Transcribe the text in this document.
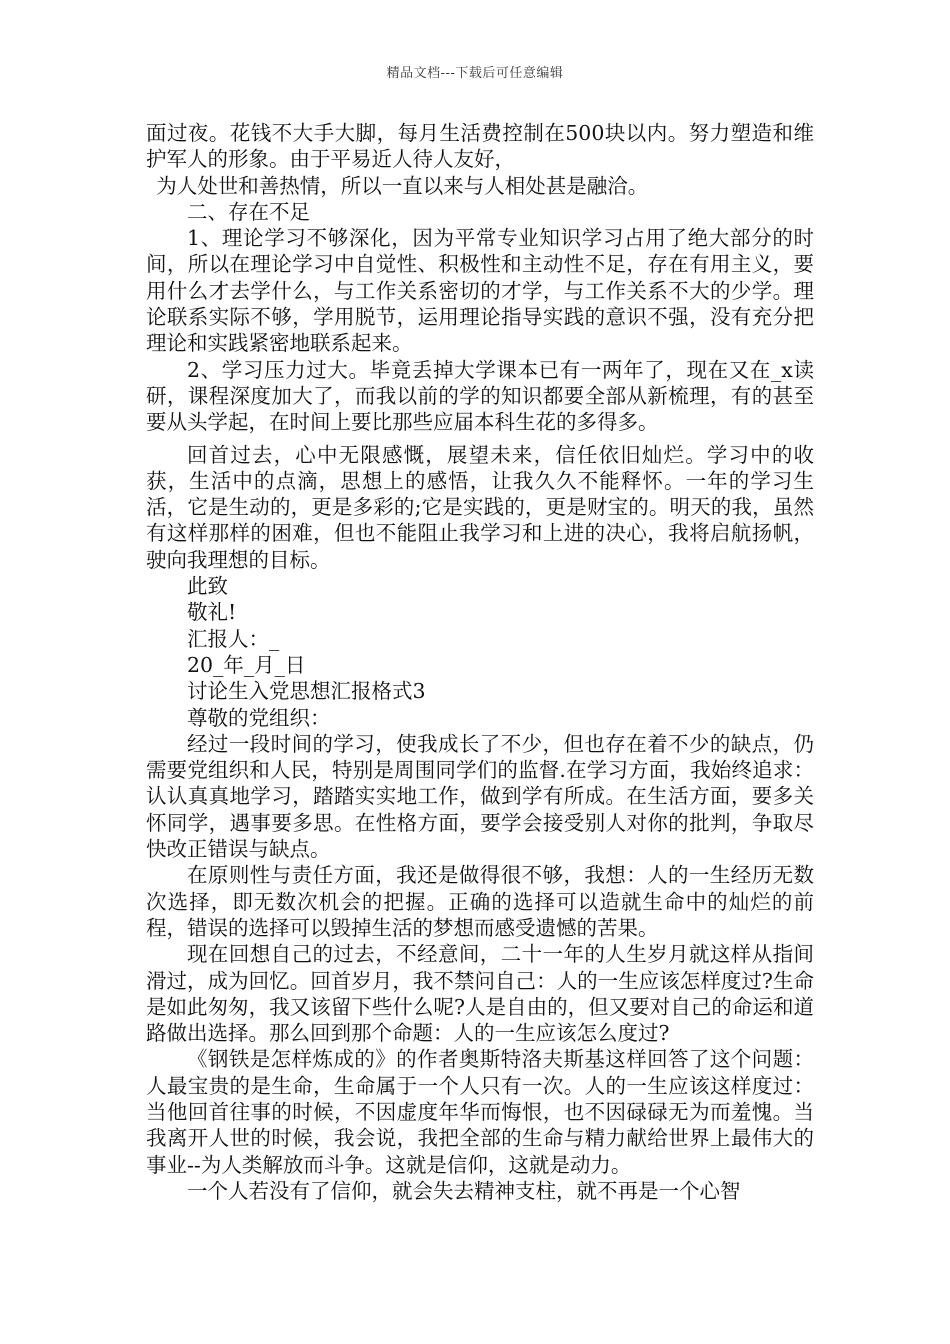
精品文档---下载后可任意编辑

面过夜。花钱不大手大脚，每月生活费控制在500块以内。努力塑造和维护军人的形象。由于平易近人待人友好，

为人处世和善热情，所以一直以来与人相处甚是融洽。

二、存在不足

1、理论学习不够深化，因为平常专业知识学习占用了绝大部分的时间，所以在理论学习中自觉性、积极性和主动性不足，存在有用主义，要用什么才去学什么，与工作关系密切的才学，与工作关系不大的少学。理论联系实际不够，学用脱节，运用理论指导实践的意识不强，没有充分把理论和实践紧密地联系起来。

2、学习压力过大。毕竟丢掉大学课本已有一两年了，现在又在_x读研，课程深度加大了，而我以前的学的知识都要全部从新梳理，有的甚至要从头学起，在时间上要比那些应届本科生花的多得多。

回首过去，心中无限感慨，展望未来，信任依旧灿烂。学习中的收获，生活中的点滴，思想上的感悟，让我久久不能释怀。一年的学习生活，它是生动的，更是多彩的;它是实践的，更是财宝的。明天的我，虽然有这样那样的困难，但也不能阻止我学习和上进的决心，我将启航扬帆，驶向我理想的目标。

此致

敬礼!

汇报人：_

20_年_月_日

讨论生入党思想汇报格式3

尊敬的党组织：

经过一段时间的学习，使我成长了不少，但也存在着不少的缺点，仍需要党组织和人民，特别是周围同学们的监督.在学习方面，我始终追求：认认真真地学习，踏踏实实地工作，做到学有所成。在生活方面，要多关怀同学，遇事要多思。在性格方面，要学会接受别人对你的批判，争取尽快改正错误与缺点。

在原则性与责任方面，我还是做得很不够，我想：人的一生经历无数次选择，即无数次机会的把握。正确的选择可以造就生命中的灿烂的前程，错误的选择可以毁掉生活的梦想而感受遗憾的苦果。

现在回想自己的过去，不经意间，二十一年的人生岁月就这样从指间滑过，成为回忆。回首岁月，我不禁问自己：人的一生应该怎样度过?生命是如此匆匆，我又该留下些什么呢?人是自由的，但又要对自己的命运和道路做出选择。那么回到那个命题：人的一生应该怎么度过?

《钢铁是怎样炼成的》的作者奥斯特洛夫斯基这样回答了这个问题：人最宝贵的是生命，生命属于一个人只有一次。人的一生应该这样度过：当他回首往事的时候，不因虚度年华而悔恨，也不因碌碌无为而羞愧。当我离开人世的时候，我会说，我把全部的生命与精力献给世界上最伟大的事业--为人类解放而斗争。这就是信仰，这就是动力。

一个人若没有了信仰，就会失去精神支柱，就不再是一个心智
